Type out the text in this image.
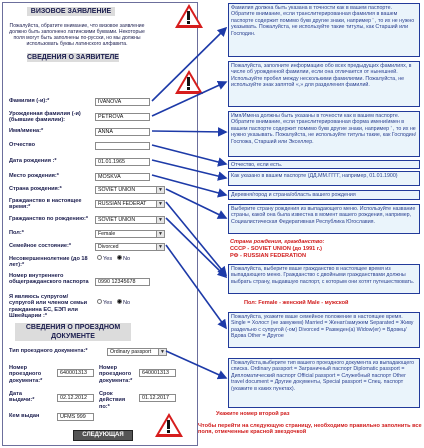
ВИЗОВОЕ ЗАЯВЛЕНИЕ
Пожалуйста, обратите внимание, что визовое заявление должно быть заполнено латинскими буквами. Некоторые поля могут быть заполнены по-русски, но мы должны использовать буквы латинского алфавита.
СВЕДЕНИЯ О ЗАЯВИТЕЛЕ
Фамилия (-и):*	IVANOVA
Урожденная фамилия (-и) (бывшие фамилии):
PETROVA
Имя/имена:*	ANNA
Отчество
Дата рождения :*	01.01.1965
Место рождения:*	MOSKVA
Страна рождения:*	SOVIET UNION	▼
Гражданство в настоящее время:*
RUSSIAN FEDERAT	▼
Гражданство по рождению:*	SOVIET UNION	▼
Пол:*	Female	▼
Семейное состояние:*	Divorced	▼
Несовершеннолетние (до 18 лет):*
Yes	No
Номер внутреннего общегражданского паспорта	0990 12345678
Я являюсь супругом/супругой или членом семьи гражданина ЕС, ЕЭП или Швейцарии :*
Yes	No
СВЕДЕНИЯ О ПРОЕЗДНОМ ДОКУМЕНТЕ
Тип проездного документа:*	Ordinary passport	▼
Номер проездного документа:*
640001313
Номер проездного документа:*
640001313
Дата выдачи:*	02.12.2012
Срок действия по:*
01.12.2017
Кем выдан	UFMS 999
СЛЕДУЮЩАЯ
Фамилия должна быть указана в точности как в вашем паспорте. Обратите внимание, если транслитерированная фамилия в вашем паспорте содержит помимо букв другие знаки, например ' , то их не нужно указывать. Пожалуйста, не используйте такие титулы, как Старший или Господин.
Пожалуйста, заполните информацию обо всех предыдущих фамилиях, в числе об урожденной фамилии, если она отличается от нынешней. Используйте пробел между несколькими фамилиями. Пожалуйста, не используйте знак запятой «,» для разделения фамилий.
Имя/Имена должны быть указаны в точности как в вашем паспорте. Обратите внимание, если транслитерированная форма имени/имен в вашем паспорте содержит помимо букв другие знаки, например ' , то их не нужно указывать. Пожалуйста, не используйте титулы такие, как Господин/Госпожа, Старший или Экселлер.
Отчество, если есть.
Как указано в вашем паспорте (ДД.ММ.ГГГГ, например, 01.01.1900)
Деревня/город и страна/область вашего рождения
Выберите страну рождения из выпадающего меню. Используйте название страны, какой она была известна в момент вашего рождения, например, Социалистическая Федеративная Республика Югославия.
Страна рождения, гражданство:
СССР - SOVIET UNION (до 1991 г.)
РФ - RUSSIAN FEDERATION
Пожалуйста, выберите ваше гражданство в настоящее время из выпадающего меню. Гражданство с двойными гражданствами должны выбрать страну, выдавшую паспорт, с которым они хотят путешествовать.
Пол: Female - женский Male - мужской
Пожалуйста, укажите ваше семейное положение в настоящее время. Single = Холост (не замужем) Married = Женат/замужем Separated = Живу раздельно с супругой (-ом) Divorced = Разведен(а) Widow(er) = Вдовец/Вдова Other = Другое
Пожалуйста,выберите тип вашего проездного документа из выпадающего списка. Ordinary passport = Заграничный паспорт Diplomatic passport = Дипломатический паспорт Official passport = Служебный паспорт Other travel document = Другие документы, Special passport = Спец. паспорт (укажите в каких пунктах).
Укажите номер второй раз
Чтобы перейти на следующую страницу, необходимо правильно заполнить все поля, отмеченные красной звездочкой
